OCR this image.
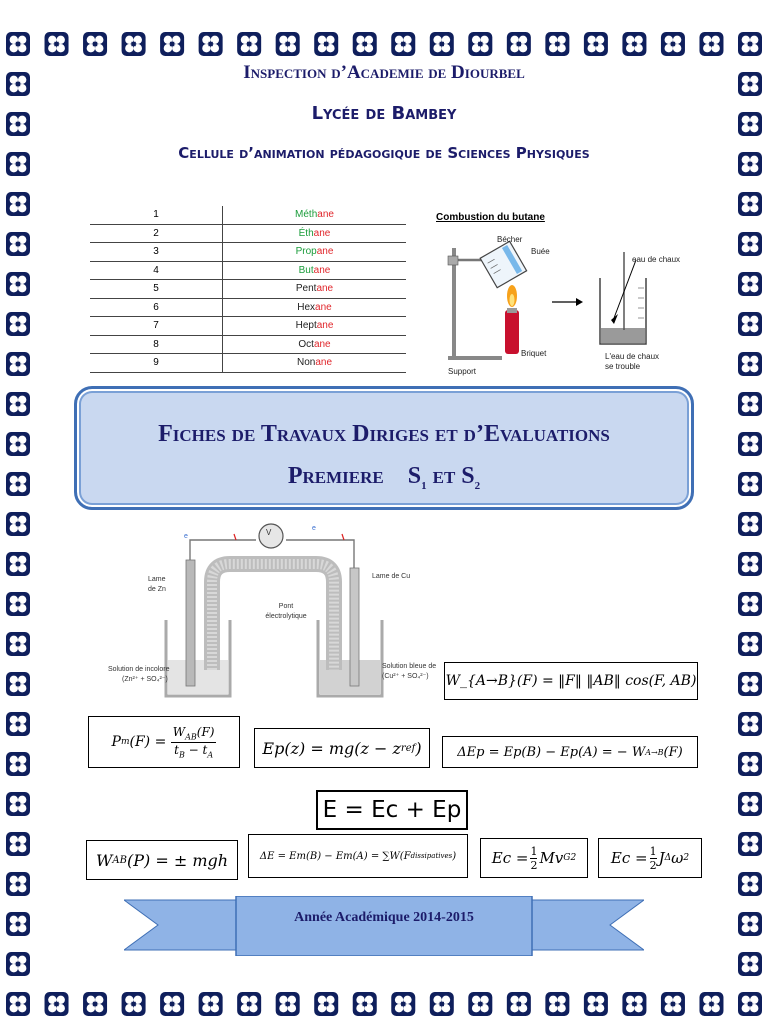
Inspection d’Academie de Diourbel
Lycée de Bambey
Cellule d’animation pédagogique de Sciences Physiques
1	Méthane
2	Éthane
3	Propane
4	Butane
5	Pentane
6	Hexane
7	Heptane
8	Octane
9	Nonane
Combustion du butane
Bécher
Buée
eau de chaux
Briquet
Support
L'eau de chaux
se trouble
Fiches de Travaux Diriges et d’Evaluations
Premiere $S_1$ et $S_2$
V
e
e
Lame
de Zn
Lame de Cu
Pont
électrolytique
Solution de incolore
(Zn²⁺ + SO₄²⁻)
Solution bleue de
(Cu²⁺ + SO₄²⁻) W_{A→B}(F) = ‖F‖ ‖AB‖ cos(F, AB)
P m (F) =
$W_{AB}(F)$
$t_B - t_A$	Ep(z) = mg(z − z ref )	ΔEp = Ep(B) − Ep(A) = − W A→B (F)
E = Ec + Ep
W AB (P) = ± mgh	ΔE = Em(B) − Em(A) = ∑W(F dissipatives )	$Ec = \frac{1}{2}$ Mv G 2 $Ec = \frac{1}{2}$ J Δ ω 2
Année Académique 2014-2015
